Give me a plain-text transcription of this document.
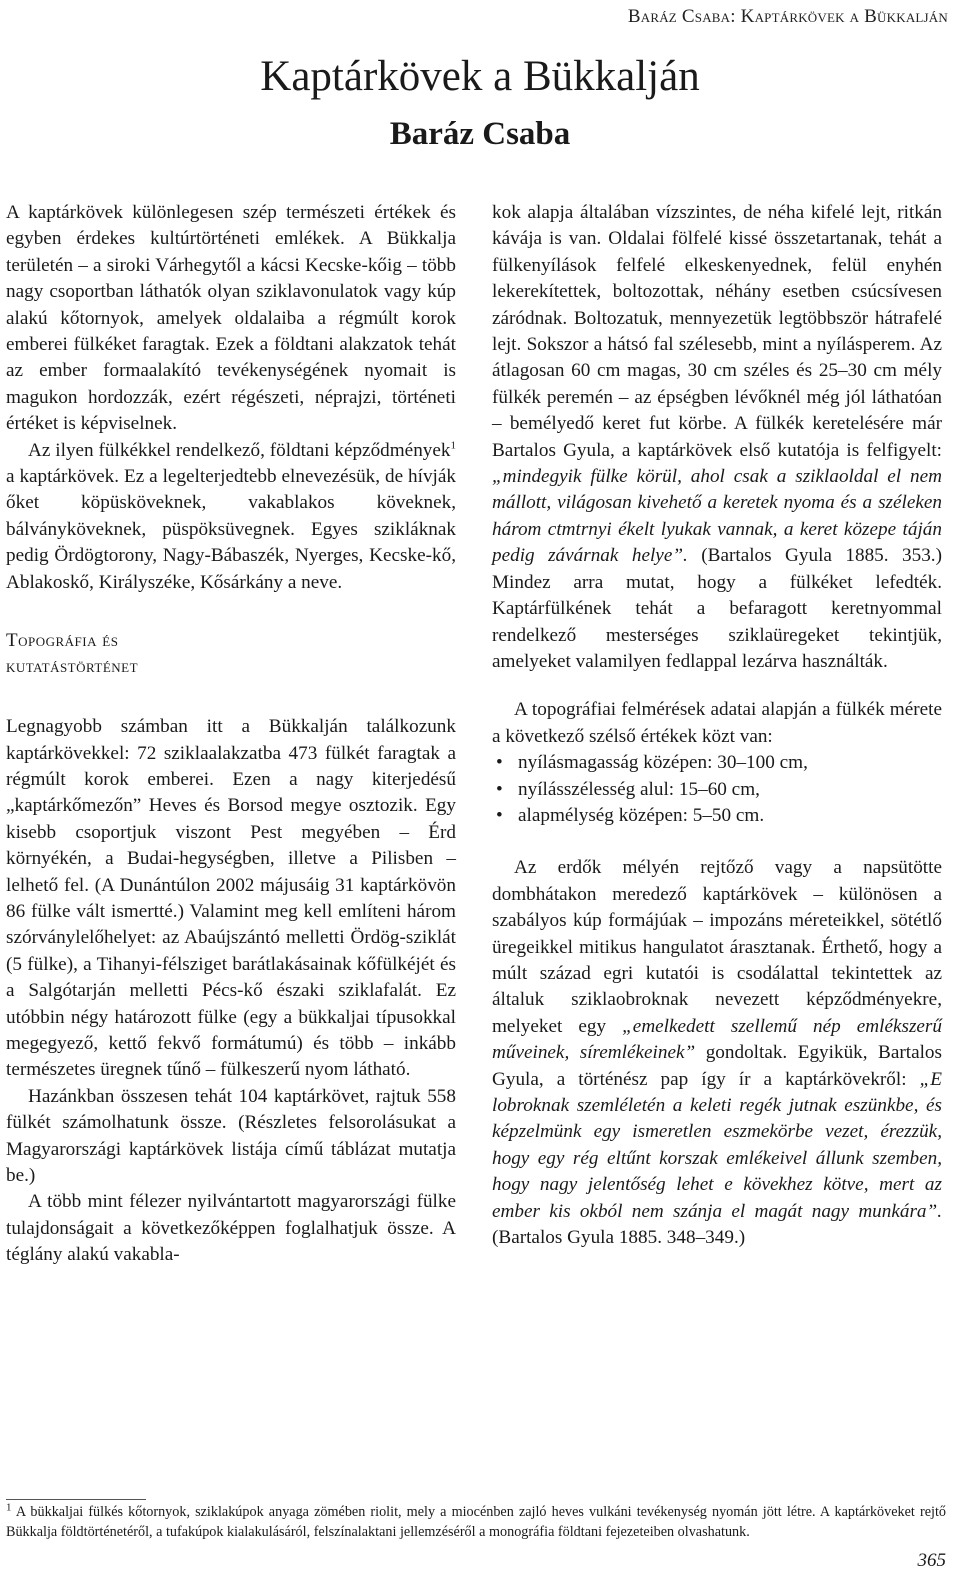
Baráz Csaba: Kaptárkövek a Bükkalján
Kaptárkövek a Bükkalján
Baráz Csaba

A kaptárkövek különlegesen szép természeti értékek és egyben érdekes kultúrtörténeti emlékek. A Bükkalja területén – a siroki Várhegytől a kácsi Kecske-kőig – több nagy csoportban láthatók olyan sziklavonulatok vagy kúp alakú kőtornyok, amelyek oldalaiba a régmúlt korok emberei fülkéket faragtak. Ezek a földtani alakzatok tehát az ember formaalakító tevékenységének nyomait is magukon hordozzák, ezért régészeti, néprajzi, történeti értéket is képviselnek.

Az ilyen fülkékkel rendelkező, földtani képződmények$^1$ a kaptárkövek. Ez a legelterjedtebb elnevezésük, de hívják őket köpüsköveknek, vakablakos köveknek, bálványköveknek, püspöksüvegnek. Egyes szikláknak pedig Ördögtorony, Nagy-Bábaszék, Nyerges, Kecske-kő, Ablakoskő, Királyszéke, Kősárkány a neve.

Topográfia és
kutatástörténet

Legnagyobb számban itt a Bükkalján találkozunk kaptárkövekkel: 72 sziklaalakzatba 473 fülkét faragtak a régmúlt korok emberei. Ezen a nagy kiterjedésű „kaptárkőmezőn” Heves és Borsod megye osztozik. Egy kisebb csoportjuk viszont Pest megyében – Érd környékén, a Budai-hegységben, illetve a Pilisben – lelhető fel. (A Dunántúlon 2002 májusáig 31 kaptárkövön 86 fülke vált ismertté.) Valamint meg kell említeni három szórványlelőhelyet: az Abaújszántó melletti Ördög-sziklát (5 fülke), a Tihanyi-félsziget barátlakásainak kőfülkéjét és a Salgótarján melletti Pécs-kő északi sziklafalát. Ez utóbbin négy határozott fülke (egy a bükkaljai típusokkal megegyező, kettő fekvő formátumú) és több – inkább természetes üregnek tűnő – fülkeszerű nyom látható.

Hazánkban összesen tehát 104 kaptárkövet, rajtuk 558 fülkét számolhatunk össze. (Részletes felsorolásukat a Magyarországi kaptárkövek listája című táblázat mutatja be.)

A több mint félezer nyilvántartott magyarországi fülke tulajdonságait a következőképpen foglalhatjuk össze. A téglány alakú vakabla-

kok alapja általában vízszintes, de néha kifelé lejt, ritkán kávája is van. Oldalai fölfelé kissé összetartanak, tehát a fülkenyílások felfelé elkeskenyednek, felül enyhén lekerekítettek, boltozottak, néhány esetben csúcsívesen záródnak. Boltozatuk, mennyezetük legtöbbször hátrafelé lejt. Sokszor a hátsó fal szélesebb, mint a nyílásperem. Az átlagosan 60 cm magas, 30 cm széles és 25–30 cm mély fülkék peremén – az épségben lévőknél még jól láthatóan – bemélyedő keret fut körbe. A fülkék keretelésére már Bartalos Gyula, a kaptárkövek első kutatója is felfigyelt: „mindegyik fülke körül, ahol csak a sziklaoldal el nem mállott, világosan kivehető a keretek nyoma és a széleken három ctmtrnyi ékelt lyukak vannak, a keret közepe táján pedig závárnak helye”. (Bartalos Gyula 1885. 353.) Mindez arra mutat, hogy a fülkéket lefedték. Kaptárfülkének tehát a befaragott keretnyommal rendelkező mesterséges sziklaüregeket tekintjük, amelyeket valamilyen fedlappal lezárva használták.

A topográfiai felmérések adatai alapján a fülkék mérete a következő szélső értékek közt van:

• nyílásmagasság középen: 30–100 cm,
• nyílásszélesség alul: 15–60 cm,
• alapmélység középen: 5–50 cm.

Az erdők mélyén rejtőző vagy a napsütötte dombhátakon meredező kaptárkövek – különösen a szabályos kúp formájúak – impozáns méreteikkel, sötétlő üregeikkel mitikus hangulatot árasztanak. Érthető, hogy a múlt század egri kutatói is csodálattal tekintettek az általuk sziklaobroknak nevezett képződményekre, melyeket egy „emelkedett szellemű nép emlékszerű műveinek, síremlékeinek” gondoltak. Egyikük, Bartalos Gyula, a történész pap így ír a kaptárkövekről: „E lobroknak szemléletén a keleti regék jutnak eszünkbe, és képzelmünk egy ismeretlen eszmekörbe vezet, érezzük, hogy egy rég eltűnt korszak emlékeivel állunk szemben, hogy nagy jelentőség lehet e kövekhez kötve, mert az ember kis okból nem szánja el magát nagy munkára”. (Bartalos Gyula 1885. 348–349.)

$^1$ A bükkaljai fülkés kőtornyok, sziklakúpok anyaga zömében riolit, mely a miocénben zajló heves vulkáni tevékenység nyomán jött létre. A kaptárköveket rejtő Bükkalja földtörténetéről, a tufakúpok kialakulásáról, felszínalaktani jellemzéséről a monográfia földtani fejezeteiben olvashatunk.
365
